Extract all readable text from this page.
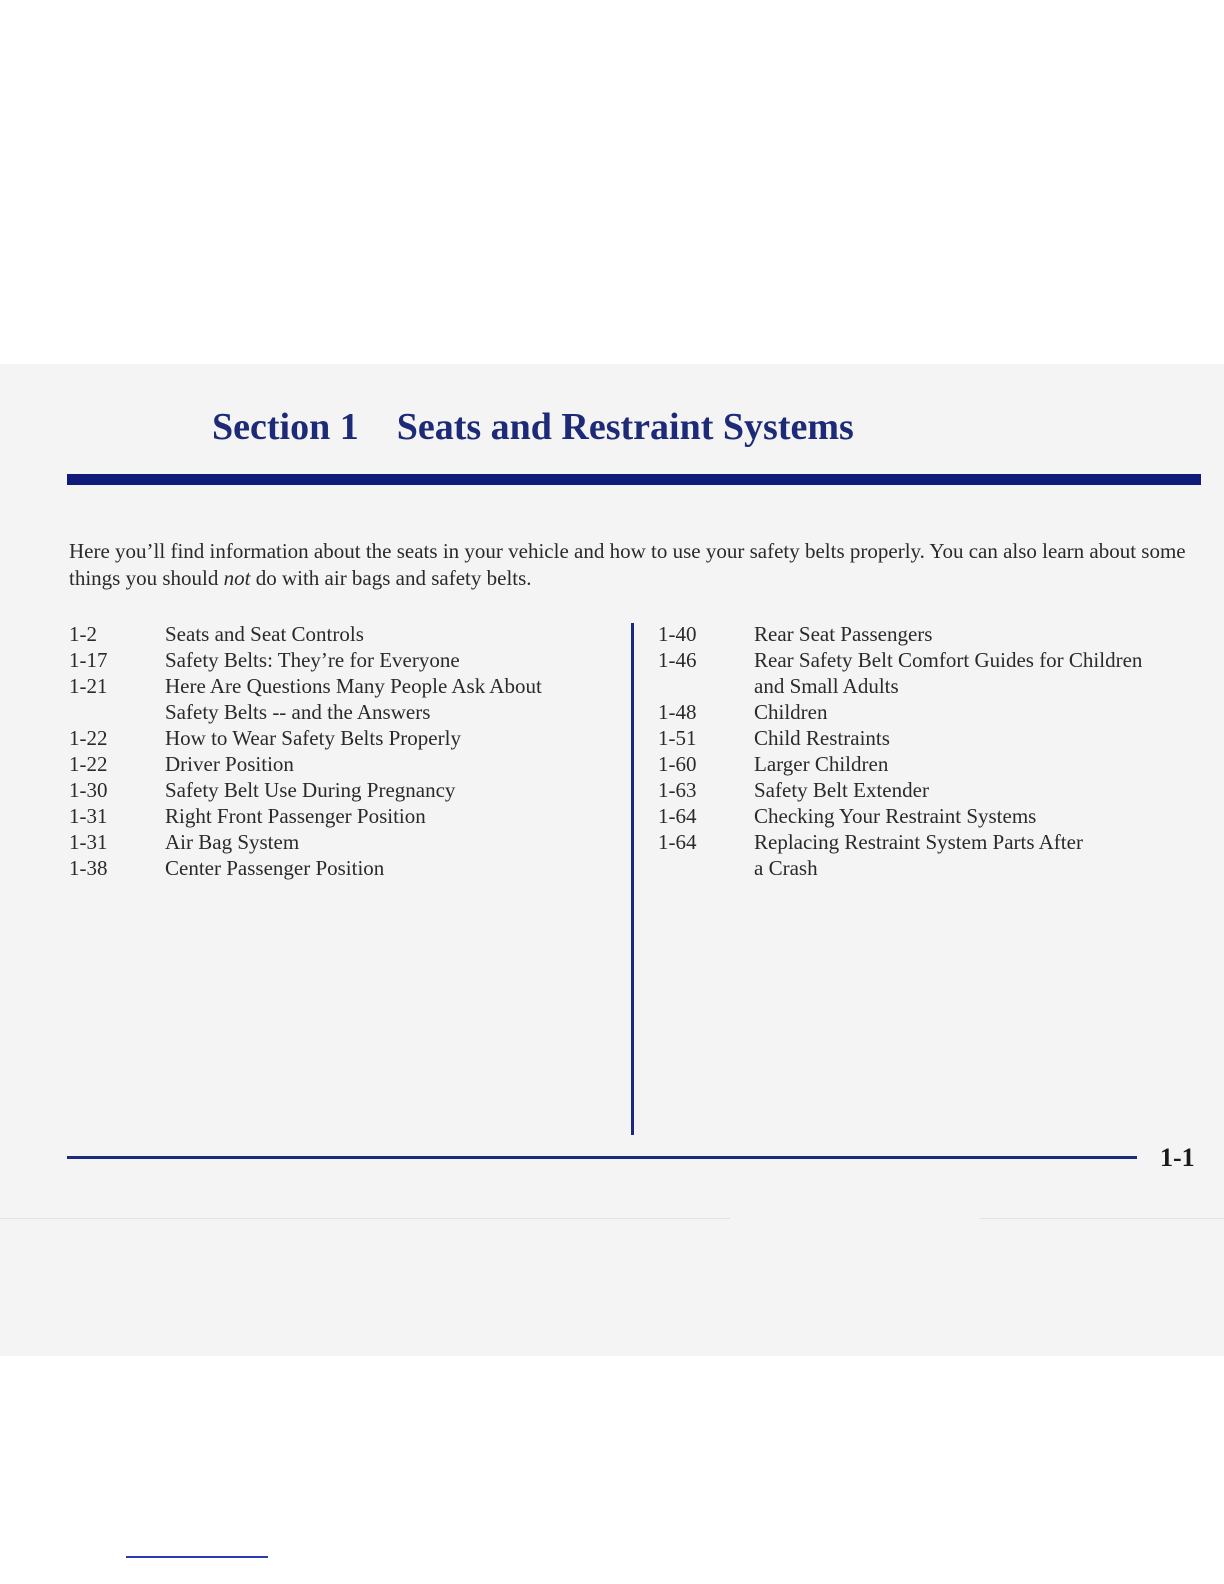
Section 1 Seats and Restraint Systems

Here you’ll find information about the seats in your vehicle and how to use your safety belts properly. You can also learn about some things you should not do with air bags and safety belts.

1-2	Seats and Seat Controls
1-17	Safety Belts: They’re for Everyone
1-21	Here Are Questions Many People Ask About
Safety Belts -- and the Answers
1-22	How to Wear Safety Belts Properly
1-22	Driver Position
1-30	Safety Belt Use During Pregnancy
1-31	Right Front Passenger Position
1-31	Air Bag System
1-38	Center Passenger Position
1-40	Rear Seat Passengers
1-46	Rear Safety Belt Comfort Guides for Children
and Small Adults
1-48	Children
1-51	Child Restraints
1-60	Larger Children
1-63	Safety Belt Extender
1-64	Checking Your Restraint Systems
1-64	Replacing Restraint System Parts After
a Crash
1-1
